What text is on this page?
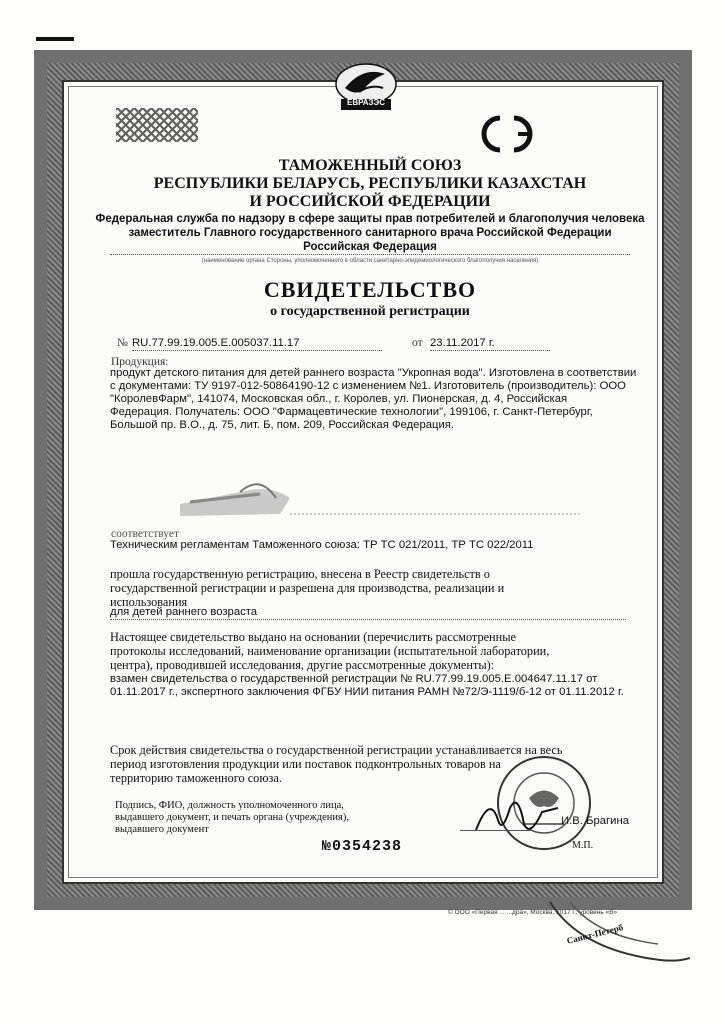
ЕВРАЗЭС
ТАМОЖЕННЫЙ СОЮЗ
РЕСПУБЛИКИ БЕЛАРУСЬ, РЕСПУБЛИКИ КАЗАХСТАН
И РОССИЙСКОЙ ФЕДЕРАЦИИ
Федеральная служба по надзору в сфере защиты прав потребителей и благополучия человека
заместитель Главного государственного санитарного врача Российской Федерации
Российская Федерация
(наименование органа Стороны, уполномоченного в области санитарно-эпидемиологического благополучия населения)
СВИДЕТЕЛЬСТВО
о государственной регистрации
№ RU.77.99.19.005.Е.005037.11.17	от 23.11.2017 г.
Продукция:
продукт детского питания для детей раннего возраста "Укропная вода". Изготовлена в соответствии
с документами: ТУ 9197-012-50864190-12 с изменением №1. Изготовитель (производитель): ООО
"КоролевФарм", 141074, Московская обл., г. Королев, ул. Пионерская, д. 4, Российская
Федерация. Получатель: ООО "Фармацевтические технологии", 199106, г. Санкт-Петербург,
Большой пр. В.О., д. 75, лит. Б, пом. 209, Российская Федерация.
соответствует
Техническим регламентам Таможенного союза: ТР ТС 021/2011, ТР ТС 022/2011
прошла государственную регистрацию, внесена в Реестр свидетельств о
государственной регистрации и разрешена для производства, реализации и
использования
для детей раннего возраста
Настоящее свидетельство выдано на основании (перечислить рассмотренные
протоколы исследований, наименование организации (испытательной лаборатории,
центра), проводившей исследования, другие рассмотренные документы):
взамен свидетельства о государственной регистрации № RU.77.99.19.005.Е.004647.11.17 от
01.11.2017 г., экспертного заключения ФГБУ НИИ питания РАМН №72/Э-1119/б-12 от 01.11.2012 г.
Срок действия свидетельства о государственной регистрации устанавливается на весь
период изготовления продукции или поставок подконтрольных товаров на
территорию таможенного союза.
Подпись, ФИО, должность уполномоченного лица,
выдавшего документ, и печать органа (учреждения),
выдавшего документ
И.В. Брагина
М.П.
№0354238
© ООО «Первая ... ...дра», Москва, 2017 г., уровень «В»
Санкт-Петерб
